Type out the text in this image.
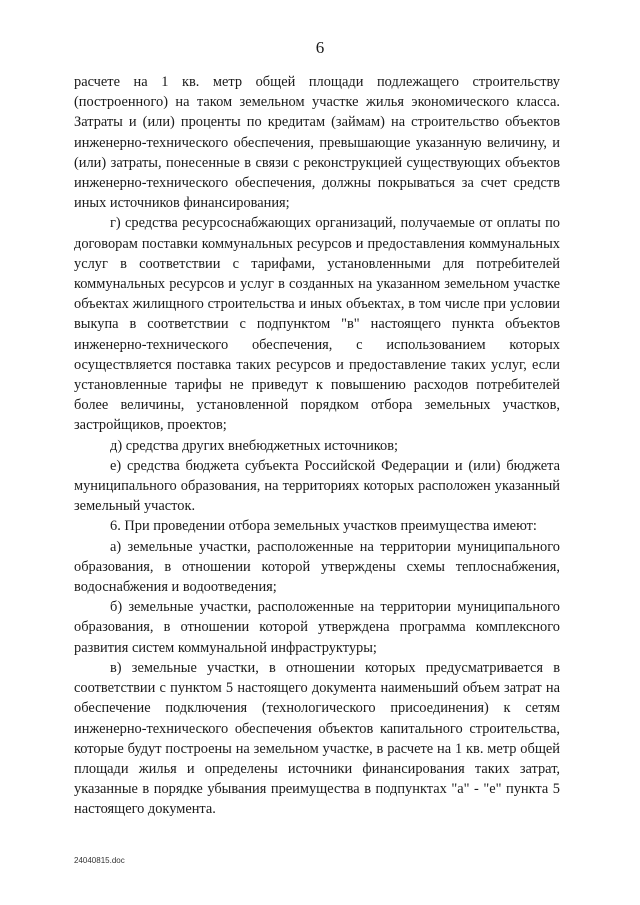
6

расчете на 1 кв. метр общей площади подлежащего строительству (построенного) на таком земельном участке жилья экономического класса. Затраты и (или) проценты по кредитам (займам) на строительство объектов инженерно-технического обеспечения, превышающие указанную величину, и (или) затраты, понесенные в связи с реконструкцией существующих объектов инженерно-технического обеспечения, должны покрываться за счет средств иных источников финансирования;

г) средства ресурсоснабжающих организаций, получаемые от оплаты по договорам поставки коммунальных ресурсов и предоставления коммунальных услуг в соответствии с тарифами, установленными для потребителей коммунальных ресурсов и услуг в созданных на указанном земельном участке объектах жилищного строительства и иных объектах, в том числе при условии выкупа в соответствии с подпунктом "в" настоящего пункта объектов инженерно-технического обеспечения, с использованием которых осуществляется поставка таких ресурсов и предоставление таких услуг, если установленные тарифы не приведут к повышению расходов потребителей более величины, установленной порядком отбора земельных участков, застройщиков, проектов;

д) средства других внебюджетных источников;

е) средства бюджета субъекта Российской Федерации и (или) бюджета муниципального образования, на территориях которых расположен указанный земельный участок.

6. При проведении отбора земельных участков преимущества имеют:

а) земельные участки, расположенные на территории муниципального образования, в отношении которой утверждены схемы теплоснабжения, водоснабжения и водоотведения;

б) земельные участки, расположенные на территории муниципального образования, в отношении которой утверждена программа комплексного развития систем коммунальной инфраструктуры;

в) земельные участки, в отношении которых предусматривается в соответствии с пунктом 5 настоящего документа наименьший объем затрат на обеспечение подключения (технологического присоединения) к сетям инженерно-технического обеспечения объектов капитального строительства, которые будут построены на земельном участке, в расчете на 1 кв. метр общей площади жилья и определены источники финансирования таких затрат, указанные в порядке убывания преимущества в подпунктах "а" - "е" пункта 5 настоящего документа.

24040815.doc
